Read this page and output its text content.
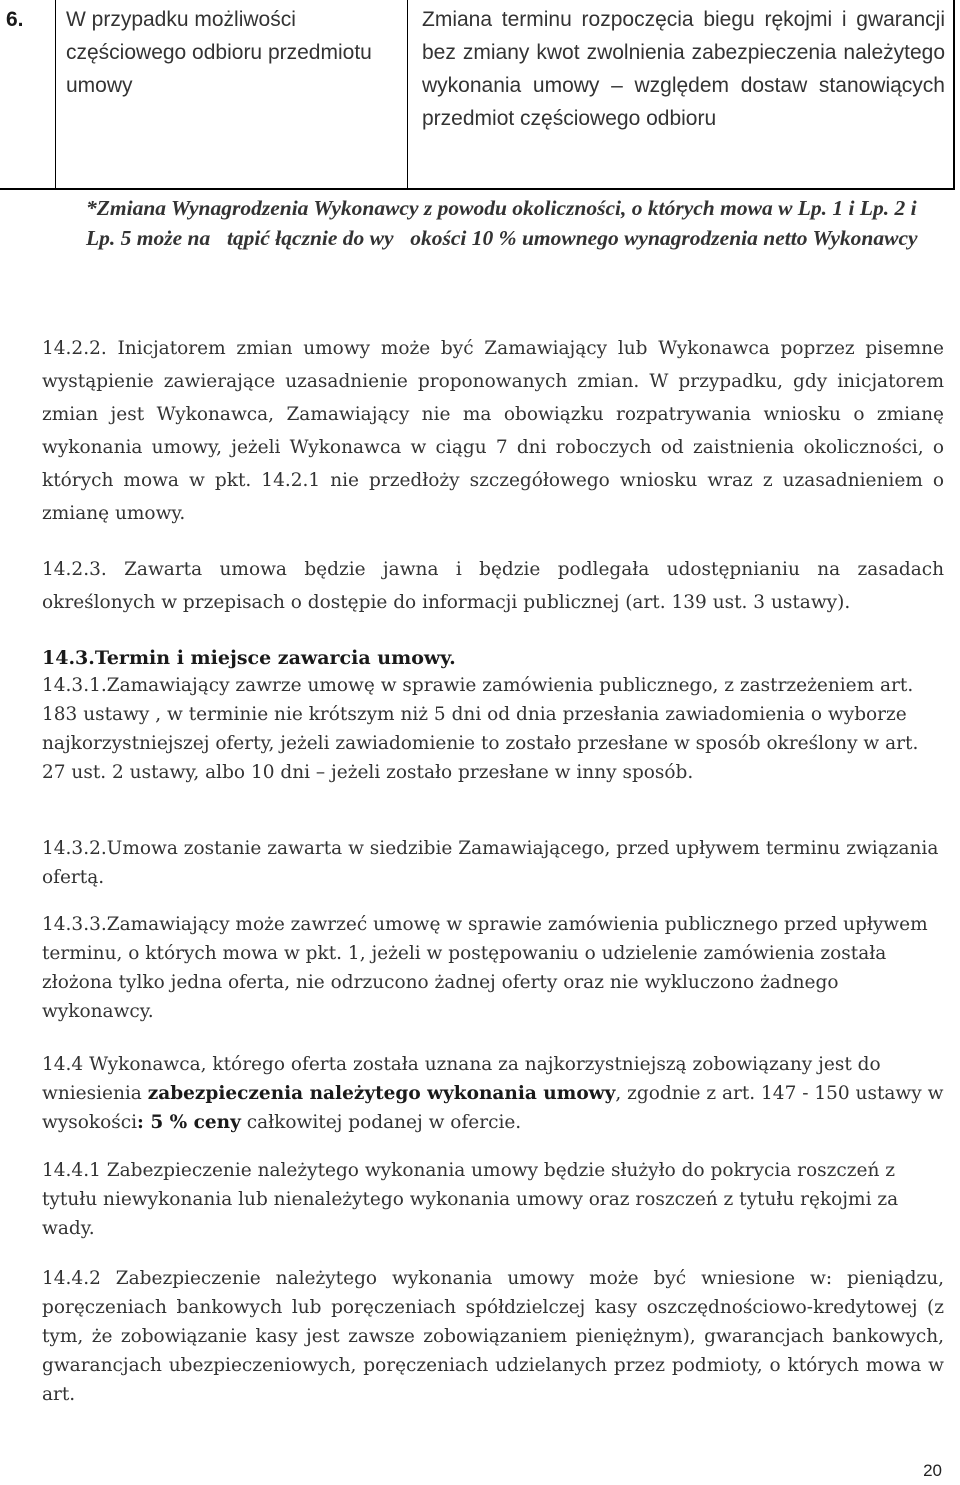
6.	W przypadku możliwości częściowego odbioru przedmiotu umowy
Zmiana terminu rozpoczęcia biegu rękojmi i gwarancji bez zmiany kwot zwolnienia zabezpieczenia należytego wykonania umowy – względem dostaw stanowiących przedmiot częściowego odbioru
*Zmiana Wynagrodzenia Wykonawcy z powodu okoliczności, o których mowa w Lp. 1 i Lp. 2 i Lp. 5 może na tąpić łącznie do wy okości 10 % umownego wynagrodzenia netto Wykonawcy
14.2.2. Inicjatorem zmian umowy może być Zamawiający lub Wykonawca poprzez pisemne wystąpienie zawierające uzasadnienie proponowanych zmian. W przypadku, gdy inicjatorem zmian jest Wykonawca, Zamawiający nie ma obowiązku rozpatrywania wniosku o zmianę wykonania umowy, jeżeli Wykonawca w ciągu 7 dni roboczych od zaistnienia okoliczności, o których mowa w pkt. 14.2.1 nie przedłoży szczegółowego wniosku wraz z uzasadnieniem o zmianę umowy.
14.2.3. Zawarta umowa będzie jawna i będzie podlegała udostępnianiu na zasadach określonych w przepisach o dostępie do informacji publicznej (art. 139 ust. 3 ustawy).
14.3.Termin i miejsce zawarcia umowy.
14.3.1.Zamawiający zawrze umowę w sprawie zamówienia publicznego, z zastrzeżeniem art. 183 ustawy , w terminie nie krótszym niż 5 dni od dnia przesłania zawiadomienia o wyborze najkorzystniejszej oferty, jeżeli zawiadomienie to zostało przesłane w sposób określony w art. 27 ust. 2 ustawy, albo 10 dni – jeżeli zostało przesłane w inny sposób.
14.3.2.Umowa zostanie zawarta w siedzibie Zamawiającego, przed upływem terminu związania ofertą.
14.3.3.Zamawiający może zawrzeć umowę w sprawie zamówienia publicznego przed upływem terminu, o których mowa w pkt. 1, jeżeli w postępowaniu o udzielenie zamówienia została złożona tylko jedna oferta, nie odrzucono żadnej oferty oraz nie wykluczono żadnego wykonawcy.
14.4 Wykonawca, którego oferta została uznana za najkorzystniejszą zobowiązany jest do wniesienia zabezpieczenia należytego wykonania umowy, zgodnie z art. 147 - 150 ustawy w wysokości: 5 % ceny całkowitej podanej w ofercie.
14.4.1 Zabezpieczenie należytego wykonania umowy będzie służyło do pokrycia roszczeń z tytułu niewykonania lub nienależytego wykonania umowy oraz roszczeń z tytułu rękojmi za wady.
14.4.2 Zabezpieczenie należytego wykonania umowy może być wniesione w: pieniądzu, poręczeniach bankowych lub poręczeniach spółdzielczej kasy oszczędnościowo-kredytowej (z tym, że zobowiązanie kasy jest zawsze zobowiązaniem pieniężnym), gwarancjach bankowych, gwarancjach ubezpieczeniowych, poręczeniach udzielanych przez podmioty, o których mowa w art.
20
